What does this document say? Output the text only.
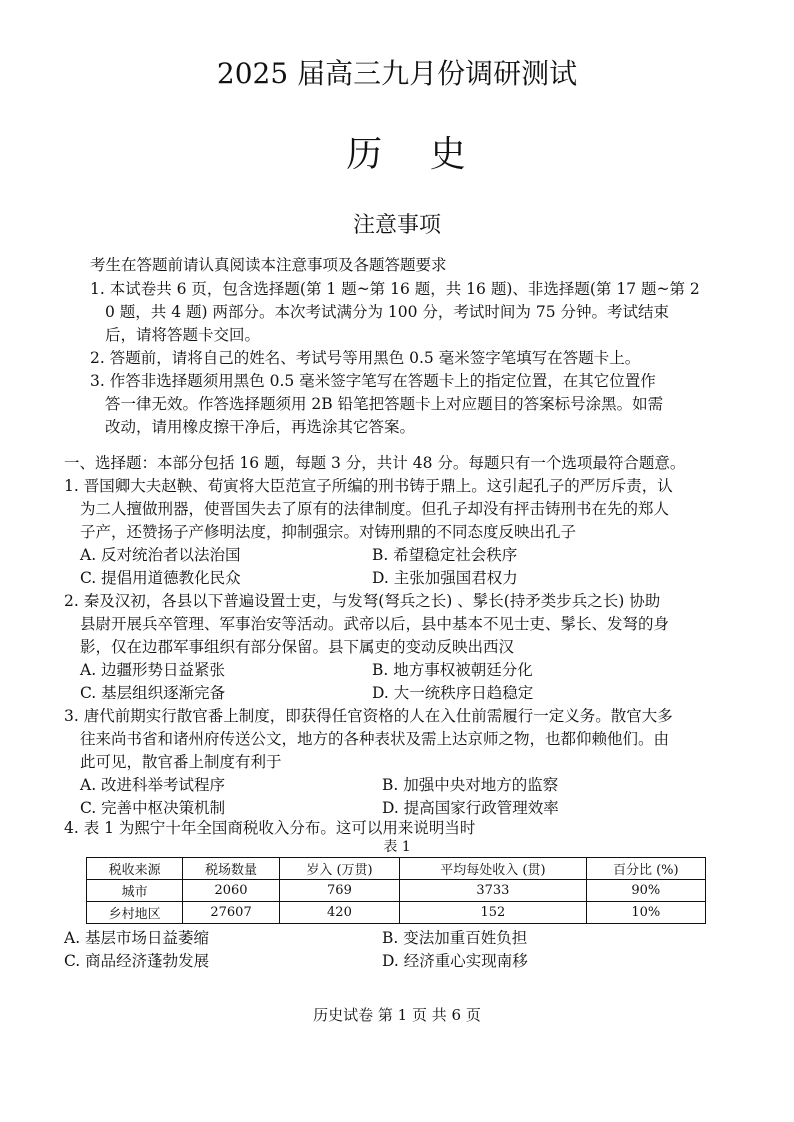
2025 届高三九月份调研测试
历 史
注意事项
考生在答题前请认真阅读本注意事项及各题答题要求
1. 本试卷共 6 页，包含选择题(第 1 题~第 16 题，共 16 题)、非选择题(第 17 题~第 2
0 题，共 4 题) 两部分。本次考试满分为 100 分，考试时间为 75 分钟。考试结束
后，请将答题卡交回。
2. 答题前，请将自己的姓名、考试号等用黑色 0.5 毫米签字笔填写在答题卡上。
3. 作答非选择题须用黑色 0.5 毫米签字笔写在答题卡上的指定位置，在其它位置作
答一律无效。作答选择题须用 2B 铅笔把答题卡上对应题目的答案标号涂黑。如需
改动，请用橡皮擦干净后，再选涂其它答案。
一、选择题：本部分包括 16 题，每题 3 分，共计 48 分。每题只有一个选项最符合题意。
1. 晋国卿大夫赵鞅、荀寅将大臣范宣子所编的刑书铸于鼎上。这引起孔子的严厉斥责，认
为二人擅做刑器，使晋国失去了原有的法律制度。但孔子却没有抨击铸刑书在先的郑人
子产，还赞扬子产修明法度，抑制强宗。对铸刑鼎的不同态度反映出孔子
A. 反对统治者以法治国	B. 希望稳定社会秩序
C. 提倡用道德教化民众	D. 主张加强国君权力
2. 秦及汉初，各县以下普遍设置士吏，与发弩(弩兵之长) 、髳长(持矛类步兵之长) 协助
县尉开展兵卒管理、军事治安等活动。武帝以后，县中基本不见士吏、髳长、发弩的身
影，仅在边郡军事组织有部分保留。县下属吏的变动反映出西汉
A. 边疆形势日益紧张	B. 地方事权被朝廷分化
C. 基层组织逐渐完备	D. 大一统秩序日趋稳定
3. 唐代前期实行散官番上制度，即获得任官资格的人在入仕前需履行一定义务。散官大多
往来尚书省和诸州府传送公文，地方的各种表状及需上达京师之物，也都仰赖他们。由
此可见，散官番上制度有利于
A. 改进科举考试程序	B. 加强中央对地方的监察
C. 完善中枢决策机制	D. 提高国家行政管理效率
4. 表 1 为熙宁十年全国商税收入分布。这可以用来说明当时
表 1
税收来源	税场数量	岁入 (万贯)	平均每处收入 (贯)	百分比 (%)
城市	2060	769	3733	90%
乡村地区	27607	420	152	10%
A. 基层市场日益萎缩	B. 变法加重百姓负担
C. 商品经济蓬勃发展	D. 经济重心实现南移
历史试卷 第 1 页 共 6 页
